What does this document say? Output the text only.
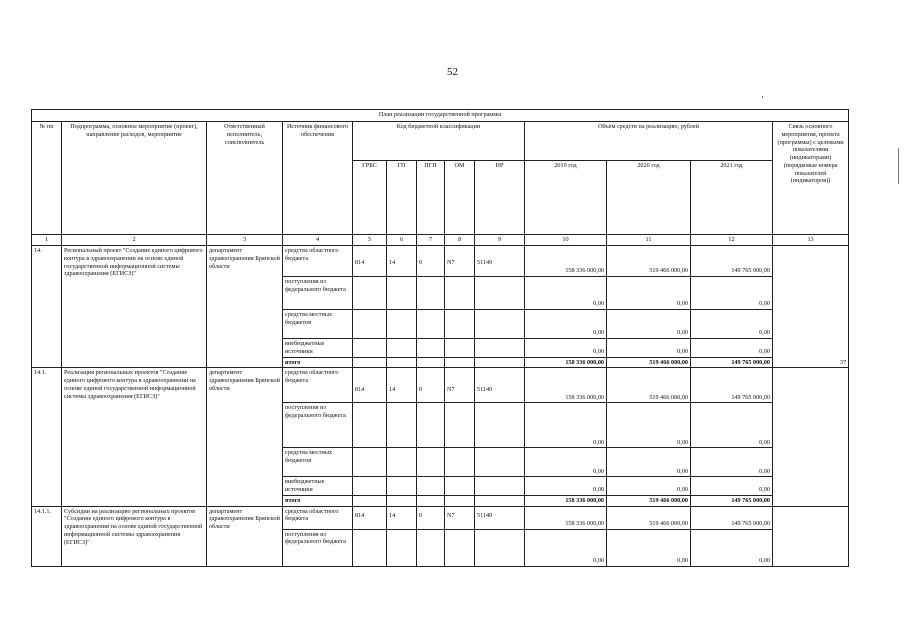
52
План реализации государственной программы												
№ пп	Подпрограмма, основное мероприятие (проект), направление расходов, мероприятие	Ответственный исполнитель, соисполнитель	Источник финансового обеспечения	Код бюджетной классификации					Объём средств на реализацию, рублей			Связь основного мероприятия, проекта (программы) с целевыми показателями (индикаторами) (порядковые номера показателей (индикаторов))
				ГРБС	ГП	ПГП	ОМ	НР	2019 год	2020 год	2021 год	
1	2	3	4	5	6	7	8	9	10	11	12	13
14.	Региональный проект "Создание единого цифрового контура в здравоохранении на основе единой государственной информационной системы здравоохранения (ЕГИСЗ)"	департамент здравоохранения Брянской области	средства областного бюджета	814	14	0	N7	51140	158 336 000,00	519 466 000,00	149 765 000,00	37
			поступления из федерального бюджета						0,00	0,00	0,00	
			средства местных бюджетов						0,00	0,00	0,00	
			внебюджетные источники						0,00	0,00	0,00	
			итого						158 336 000,00	519 466 000,00	149 765 000,00	
14.1.	Реализация региональных проектов "Создание единого цифрового контура в здравоохранении на основе единой государственной информационной системы здравоохранения (ЕГИСЗ)"	департамент здравоохранения Брянской области	средства областного бюджета	814	14	0	N7	51140	158 336 000,00	519 466 000,00	149 765 000,00	
			поступления из федерального бюджета						0,00	0,00	0,00	
			средства местных бюджетов						0,00	0,00	0,00	
			внебюджетные источники						0,00	0,00	0,00	
			итого						158 336 000,00	519 466 000,00	149 765 000,00	
14.1.1.	Субсидии на реализацию региональных проектов "Создание единого цифрового контура в здравоохранении на основе единой государственной информационной системы здравоохранения (ЕГИСЗ)"	департамент здравоохранения Брянской области	средства областного бюджета	814	14	0	N7	51140	158 336 000,00	519 466 000,00	149 765 000,00	
			поступления из федерального бюджета						0,00	0,00	0,00	
